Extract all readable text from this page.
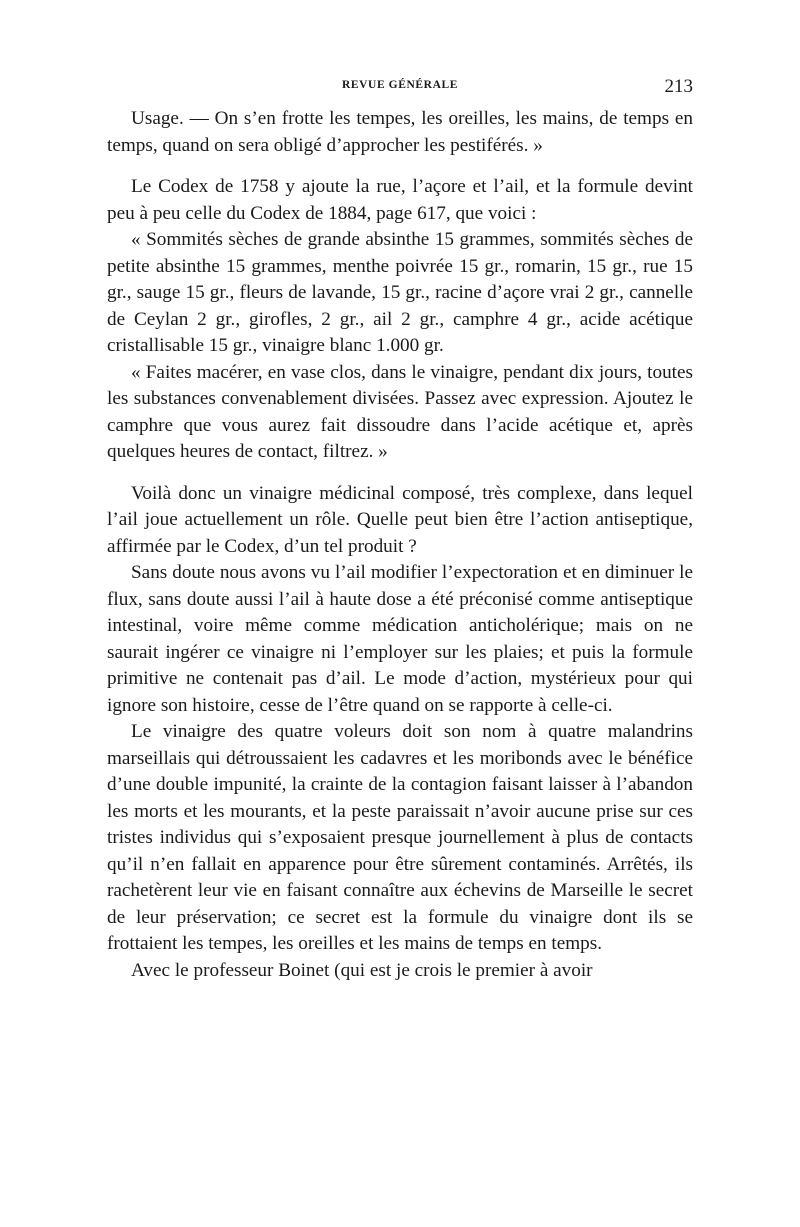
REVUE GÉNÉRALE	213

Usage. — On s’en frotte les tempes, les oreilles, les mains, de temps en temps, quand on sera obligé d’approcher les pestiférés. »

Le Codex de 1758 y ajoute la rue, l’açore et l’ail, et la formule devint peu à peu celle du Codex de 1884, page 617, que voici :

« Sommités sèches de grande absinthe 15 grammes, sommités sèches de petite absinthe 15 grammes, menthe poivrée 15 gr., romarin, 15 gr., rue 15 gr., sauge 15 gr., fleurs de lavande, 15 gr., racine d’açore vrai 2 gr., cannelle de Ceylan 2 gr., girofles, 2 gr., ail 2 gr., camphre 4 gr., acide acétique cristallisable 15 gr., vinaigre blanc 1.000 gr.

« Faites macérer, en vase clos, dans le vinaigre, pendant dix jours, toutes les substances convenablement divisées. Passez avec expression. Ajoutez le camphre que vous aurez fait dissoudre dans l’acide acétique et, après quelques heures de contact, filtrez. »

Voilà donc un vinaigre médicinal composé, très complexe, dans lequel l’ail joue actuellement un rôle. Quelle peut bien être l’action antiseptique, affirmée par le Codex, d’un tel produit ?

Sans doute nous avons vu l’ail modifier l’expectoration et en diminuer le flux, sans doute aussi l’ail à haute dose a été préconisé comme antiseptique intestinal, voire même comme médication anticholérique; mais on ne saurait ingérer ce vinaigre ni l’employer sur les plaies; et puis la formule primitive ne contenait pas d’ail. Le mode d’action, mystérieux pour qui ignore son histoire, cesse de l’être quand on se rapporte à celle-ci.

Le vinaigre des quatre voleurs doit son nom à quatre malandrins marseillais qui détroussaient les cadavres et les moribonds avec le bénéfice d’une double impunité, la crainte de la contagion faisant laisser à l’abandon les morts et les mourants, et la peste paraissait n’avoir aucune prise sur ces tristes individus qui s’exposaient presque journellement à plus de contacts qu’il n’en fallait en apparence pour être sûrement contaminés. Arrêtés, ils rachetèrent leur vie en faisant connaître aux échevins de Marseille le secret de leur préservation; ce secret est la formule du vinaigre dont ils se frottaient les tempes, les oreilles et les mains de temps en temps.

Avec le professeur Boinet (qui est je crois le premier à avoir
